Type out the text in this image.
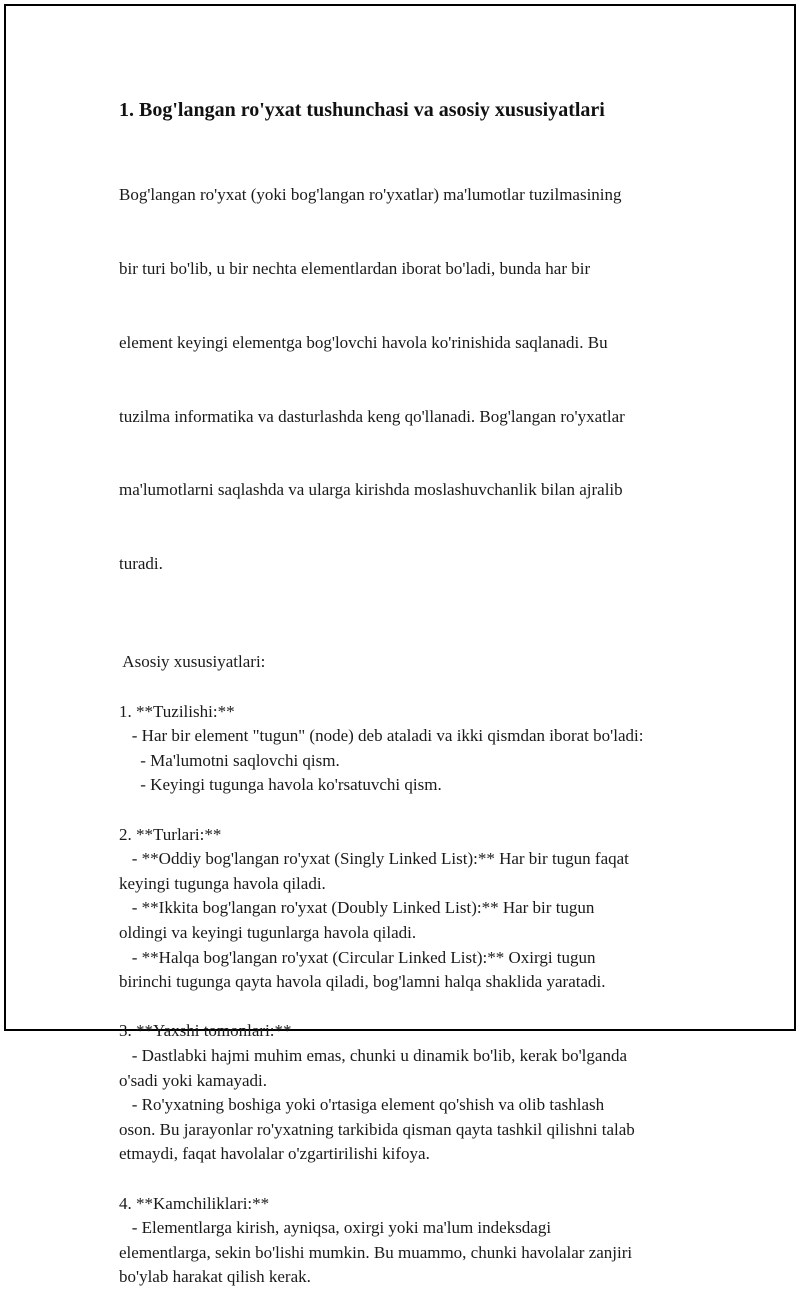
1. Bog'langan ro'yxat tushunchasi va asosiy xususiyatlari

Bog'langan ro'yxat (yoki bog'langan ro'yxatlar) ma'lumotlar tuzilmasining

bir turi bo'lib, u bir nechta elementlardan iborat bo'ladi, bunda har bir

element keyingi elementga bog'lovchi havola ko'rinishida saqlanadi. Bu

tuzilma informatika va dasturlashda keng qo'llanadi. Bog'langan ro'yxatlar

ma'lumotlarni saqlashda va ularga kirishda moslashuvchanlik bilan ajralib

turadi.

Asosiy xususiyatlari:
1. **Tuzilishi:**
- Har bir element "tugun" (node) deb ataladi va ikki qismdan iborat bo'ladi:
- Ma'lumotni saqlovchi qism.
- Keyingi tugunga havola ko'rsatuvchi qism.
2. **Turlari:**
- **Oddiy bog'langan ro'yxat (Singly Linked List):** Har bir tugun faqat
keyingi tugunga havola qiladi.
- **Ikkita bog'langan ro'yxat (Doubly Linked List):** Har bir tugun
oldingi va keyingi tugunlarga havola qiladi.
- **Halqa bog'langan ro'yxat (Circular Linked List):** Oxirgi tugun
birinchi tugunga qayta havola qiladi, bog'lamni halqa shaklida yaratadi.
3. **Yaxshi tomonlari:**
- Dastlabki hajmi muhim emas, chunki u dinamik bo'lib, kerak bo'lganda
o'sadi yoki kamayadi.
- Ro'yxatning boshiga yoki o'rtasiga element qo'shish va olib tashlash
oson. Bu jarayonlar ro'yxatning tarkibida qisman qayta tashkil qilishni talab
etmaydi, faqat havolalar o'zgartirilishi kifoya.
4. **Kamchiliklari:**
- Elementlarga kirish, ayniqsa, oxirgi yoki ma'lum indeksdagi
elementlarga, sekin bo'lishi mumkin. Bu muammo, chunki havolalar zanjiri
bo'ylab harakat qilish kerak.
